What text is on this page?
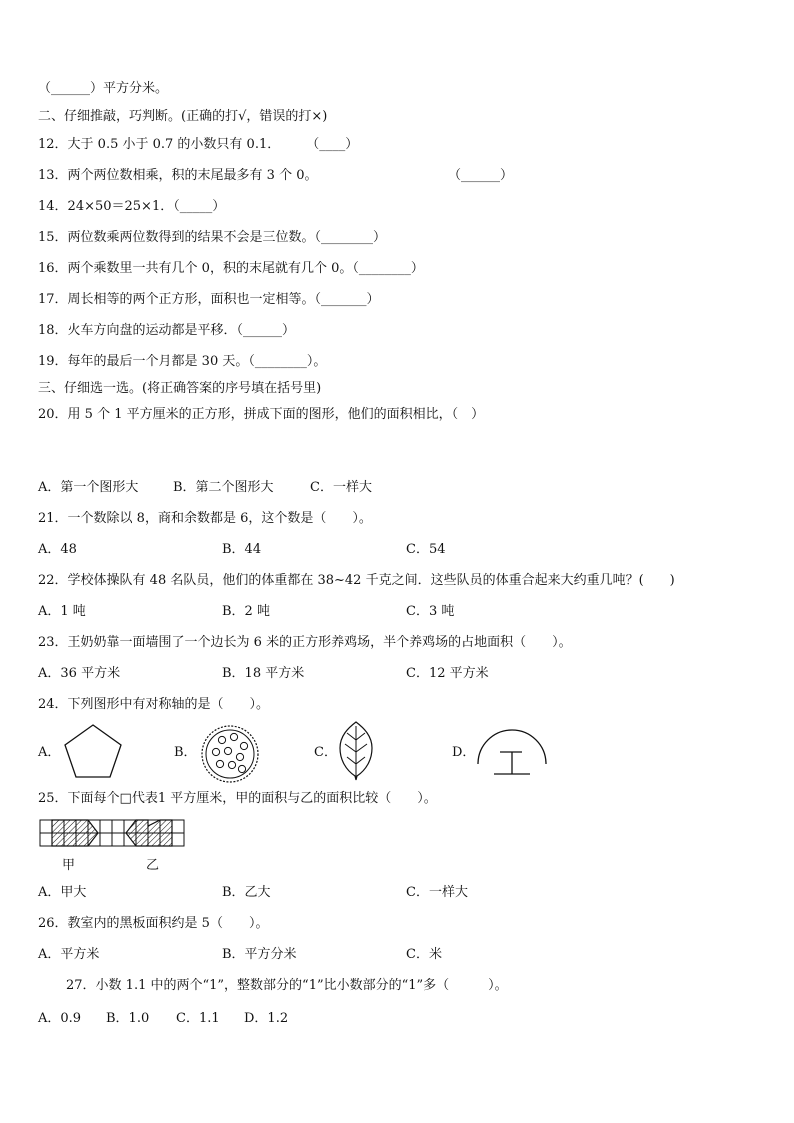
（______）平方分米。
二、仔细推敲，巧判断。(正确的打√，错误的打×)
12．大于 0.5 小于 0.7 的小数只有 0.1．　　　（____）
13．两个两位数相乘，积的末尾最多有 3 个 0。	（______）
14．24×50＝25×1．（_____）
15．两位数乘两位数得到的结果不会是三位数。（________）
16．两个乘数里一共有几个 0，积的末尾就有几个 0。（________）
17．周长相等的两个正方形，面积也一定相等。（_______）
18．火车方向盘的运动都是平移．（______）
19．每年的最后一个月都是 30 天。（________）。
三、仔细选一选。(将正确答案的序号填在括号里)
20．用 5 个 1 平方厘米的正方形，拼成下面的图形，他们的面积相比，（　）
A．第一个图形大	B．第二个图形大	C．一样大
21．一个数除以 8，商和余数都是 6，这个数是（　　）。
A．48	B．44	C．54
22．学校体操队有 48 名队员，他们的体重都在 38~42 千克之间．这些队员的体重合起来大约重几吨？(　　)
A．1 吨	B．2 吨	C．3 吨
23．王奶奶靠一面墙围了一个边长为 6 米的正方形养鸡场，半个养鸡场的占地面积（　　）。
A．36 平方米	B．18 平方米	C．12 平方米
24．下列图形中有对称轴的是（　　）。
A．	B．	C．	D．
25．下面每个□代表1 平方厘米，甲的面积与乙的面积比较（　　）。
甲	乙
A．甲大	B．乙大	C．一样大
26．教室内的黑板面积约是 5（　　）。
A．平方米	B．平方分米	C．米
27．小数 1.1 中的两个“1”，整数部分的“1”比小数部分的“1”多（　　　）。
A．0.9 B．1.0 C．1.1 D．1.2
